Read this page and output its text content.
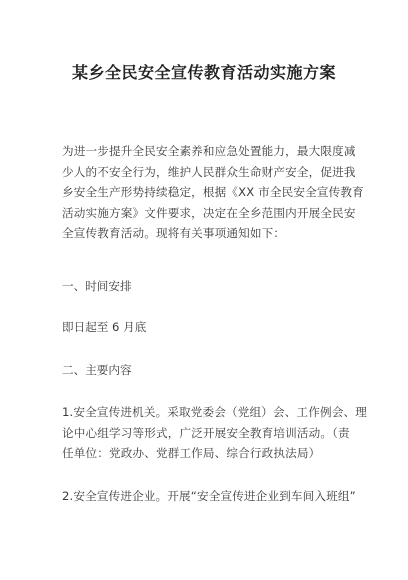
某乡全民安全宣传教育活动实施方案
为进一步提升全民安全素养和应急处置能力，最大限度减
少人的不安全行为，维护人民群众生命财产安全，促进我
乡安全生产形势持续稳定，根据《XX 市全民安全宣传教育
活动实施方案》文件要求，决定在全乡范围内开展全民安
全宣传教育活动。现将有关事项通知如下：
一、时间安排
即日起至 6 月底
二、主要内容
1.安全宣传进机关。采取党委会（党组）会、工作例会、理
论中心组学习等形式，广泛开展安全教育培训活动。（责
任单位：党政办、党群工作局、综合行政执法局）
2.安全宣传进企业。开展“安全宣传进企业到车间入班组”
